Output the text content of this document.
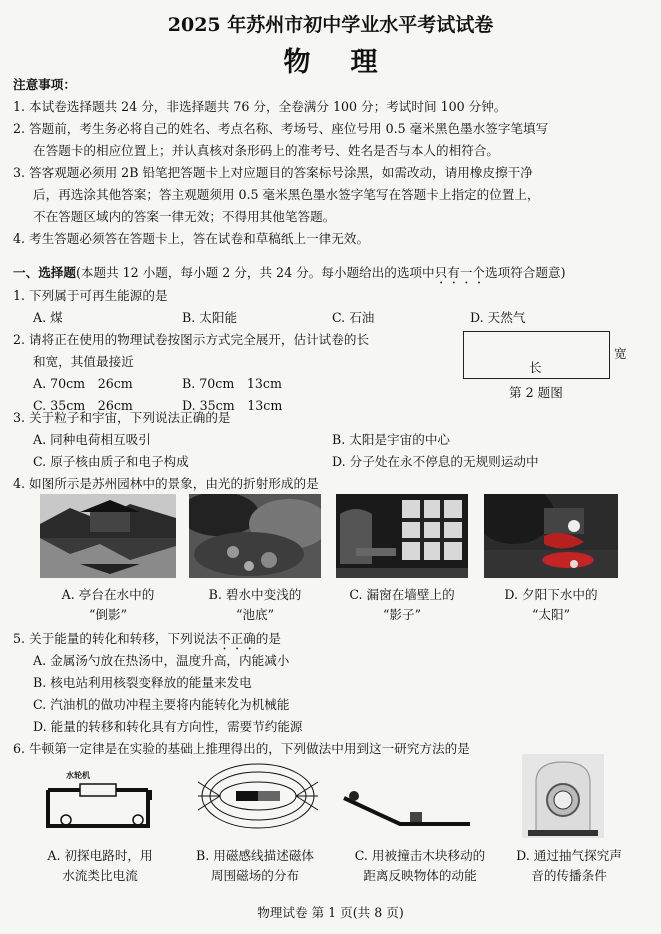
2025 年苏州市初中学业水平考试试卷
物理
注意事项：
1. 本试卷选择题共 24 分，非选择题共 76 分，全卷满分 100 分；考试时间 100 分钟。
2. 答题前，考生务必将自己的姓名、考点名称、考场号、座位号用 0.5 毫米黑色墨水签字笔填写
在答题卡的相应位置上；并认真核对条形码上的准考号、姓名是否与本人的相符合。
3. 答客观题必须用 2B 铅笔把答题卡上对应题目的答案标号涂黑，如需改动，请用橡皮擦干净
后，再选涂其他答案；答主观题须用 0.5 毫米黑色墨水签字笔写在答题卡上指定的位置上，
不在答题区域内的答案一律无效；不得用其他笔答题。
4. 考生答题必须答在答题卡上，答在试卷和草稿纸上一律无效。
一、选择题(本题共 12 小题，每小题 2 分，共 24 分。每小题给出的选项中只有一个选项符合题意)
1. 下列属于可再生能源的是
A. 煤	B. 太阳能	C. 石油	D. 天然气
2. 请将正在使用的物理试卷按图示方式完全展开，估计试卷的长
和宽，其值最接近
A. 70cm　26cm	B. 70cm　13cm
C. 35cm　26cm	D. 35cm　13cm
长
宽
第 2 题图
3. 关于粒子和宇宙，下列说法正确的是
A. 同种电荷相互吸引	B. 太阳是宇宙的中心
C. 原子核由质子和电子构成	D. 分子处在永不停息的无规则运动中
4. 如图所示是苏州园林中的景象，由光的折射形成的是
A. 亭台在水中的
“倒影”
B. 碧水中变浅的
“池底”
C. 漏窗在墙壁上的
“影子”
D. 夕阳下水中的
“太阳”
5. 关于能量的转化和转移，下列说法不正确的是
A. 金属汤勺放在热汤中，温度升高，内能减小
B. 核电站利用核裂变释放的能量来发电
C. 汽油机的做功冲程主要将内能转化为机械能
D. 能量的转移和转化具有方向性，需要节约能源
6. 牛顿第一定律是在实验的基础上推理得出的，下列做法中用到这一研究方法的是
水轮机
A. 初探电路时，用
水流类比电流
B. 用磁感线描述磁体
周围磁场的分布
C. 用被撞击木块移动的
距离反映物体的动能
D. 通过抽气探究声
音的传播条件
物理试卷 第 1 页(共 8 页)
